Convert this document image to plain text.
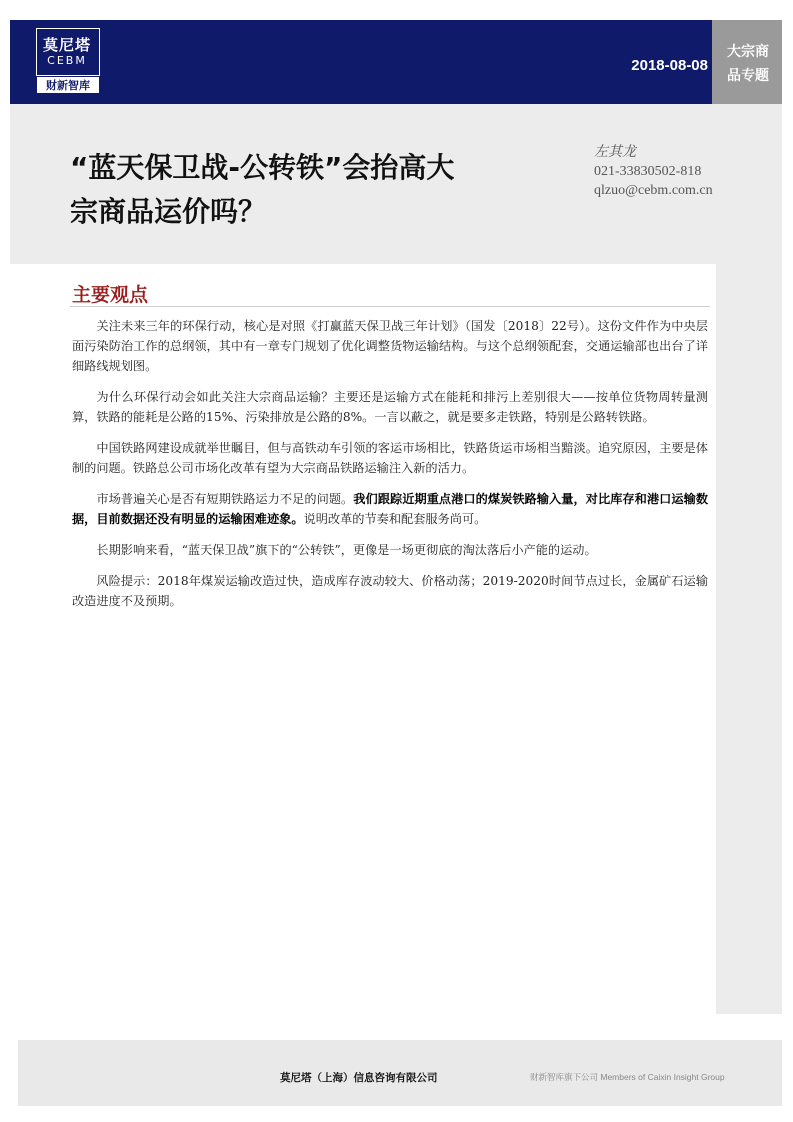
莫尼塔
CEBM
财新智库
2018-08-08
大宗商
品专题
“蓝天保卫战-公转铁”会抬高大
宗商品运价吗？
左其龙
021-33830502-818
qlzuo@cebm.com.cn
主要观点

关注未来三年的环保行动，核心是对照《打赢蓝天保卫战三年计划》（国发〔2018〕22号）。这份文件作为中央层面污染防治工作的总纲领，其中有一章专门规划了优化调整货物运输结构。与这个总纲领配套，交通运输部也出台了详细路线规划图。

为什么环保行动会如此关注大宗商品运输？主要还是运输方式在能耗和排污上差别很大——按单位货物周转量测算，铁路的能耗是公路的15%、污染排放是公路的8%。一言以蔽之，就是要多走铁路，特别是公路转铁路。

中国铁路网建设成就举世瞩目，但与高铁动车引领的客运市场相比，铁路货运市场相当黯淡。追究原因，主要是体制的问题。铁路总公司市场化改革有望为大宗商品铁路运输注入新的活力。

市场普遍关心是否有短期铁路运力不足的问题。我们跟踪近期重点港口的煤炭铁路输入量，对比库存和港口运输数据，目前数据还没有明显的运输困难迹象。说明改革的节奏和配套服务尚可。

长期影响来看，“蓝天保卫战”旗下的“公转铁”，更像是一场更彻底的淘汰落后小产能的运动。

风险提示：2018年煤炭运输改造过快，造成库存波动较大、价格动荡；2019-2020时间节点过长，金属矿石运输改造进度不及预期。

莫尼塔（上海）信息咨询有限公司	财新智库旗下公司 Members of Caixin Insight Group
